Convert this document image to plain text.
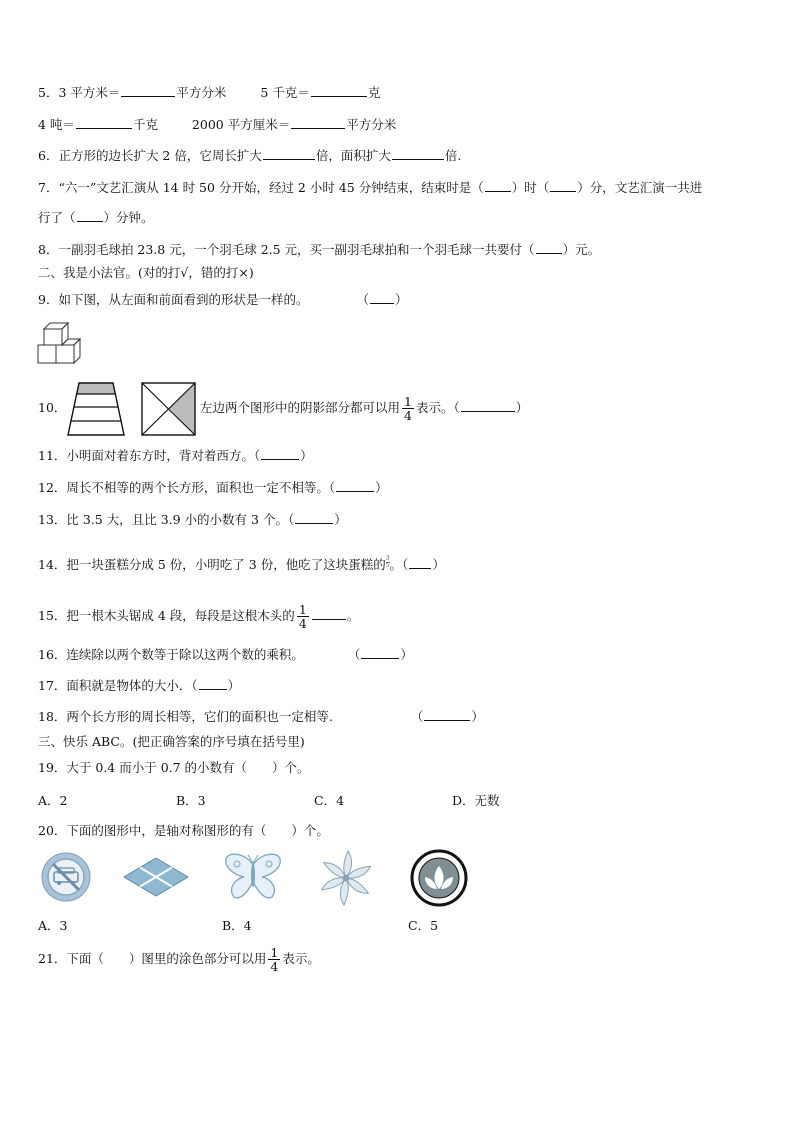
5．3 平方米＝	平方分米	5 千克＝	克
4 吨＝	千克	2000 平方厘米＝	平方分米
6．正方形的边长扩大 2 倍，它周长扩大	倍，面积扩大	倍.
7．“六一”文艺汇演从 14 时 50 分开始，经过 2 小时 45 分钟结束，结束时是（ ）时（ ）分，文艺汇演一共进
行了（ ）分钟。
8．一副羽毛球拍 23.8 元，一个羽毛球 2.5 元，买一副羽毛球拍和一个羽毛球一共要付（ ）元。
二、我是小法官。(对的打√，错的打×)
9．如下图，从左面和前面看到的形状是一样的。	（ ）
10．	左边两个图形中的阴影部分都可以用 $\frac{1}{4}$ 表示。（	）
11．小明面对着东方时，背对着西方。（	）
12．周长不相等的两个长方形，面积也一定不相等。（	）
13．比 3.5 大，且比 3.9 小的小数有 3 个。（	）
14．把一块蛋糕分成 5 份，小明吃了 3 份，他吃了这块蛋糕的 $\frac{3}{5}$。（ ）
15．把一根木头锯成 4 段，每段是这根木头的 $\frac{1}{4}$	。
16．连续除以两个数等于除以这两个数的乘积。	（	）
17．面积就是物体的大小．（ ）
18．两个长方形的周长相等，它们的面积也一定相等.	（	）
三、快乐 ABC。(把正确答案的序号填在括号里)
19．大于 0.4 而小于 0.7 的小数有（　　）个。
A．2	B．3	C．4	D．无数
20．下面的图形中，是轴对称图形的有（　　）个。
A．3	B．4	C．5
21．下面（　　）图里的涂色部分可以用 $\frac{1}{4}$ 表示。
